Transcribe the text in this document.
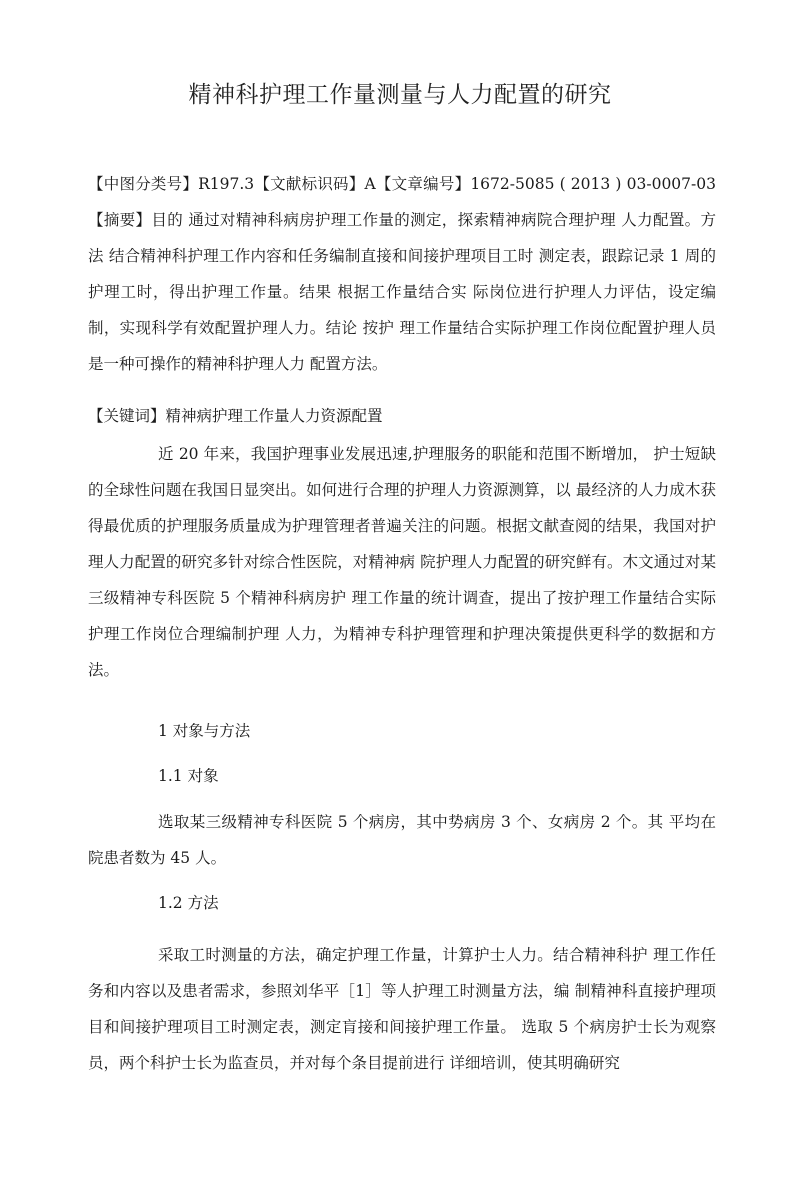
精神科护理工作量测量与人力配置的研究
【中图分类号】R197.3【文献标识码】A【文章编号】1672-5085 ( 2013 ) 03-0007-03 【摘要】目的 通过对精神科病房护理工作量的测定，探索精神病院合理护理 人力配置。方法 结合精神科护理工作内容和任务编制直接和间接护理项目工时 测定表，跟踪记录 1 周的护理工时，得出护理工作量。结果 根据工作量结合实 际岗位进行护理人力评估，设定编制，实现科学有效配置护理人力。结论 按护 理工作量结合实际护理工作岗位配置护理人员是一种可操作的精神科护理人力 配置方法。
【关键词】精神病护理工作量人力资源配置
近 20 年来，我国护理事业发展迅速,护理服务的职能和范围不断增加， 护士短缺的全球性问题在我国日显突出。如何进行合理的护理人力资源测算，以 最经济的人力成木获得最优质的护理服务质量成为护理管理者普遍关注的问题。根据文献查阅的结果，我国对护理人力配置的研究多针对综合性医院，对精神病 院护理人力配置的研究鲜有。木文通过对某三级精神专科医院 5 个精神科病房护 理工作量的统计调查，提出了按护理工作量结合实际护理工作岗位合理编制护理 人力，为精神专科护理管理和护理决策提供更科学的数据和方法。
1 对象与方法
1.1 对象
选取某三级精神专科医院 5 个病房，其中势病房 3 个、女病房 2 个。其 平均在院患者数为 45 人。
1.2 方法
采取工时测量的方法，确定护理工作量，计算护士人力。结合精神科护 理工作任务和内容以及患者需求，参照刘华平［1］等人护理工时测量方法，编 制精神科直接护理项目和间接护理项目工时测定表，测定肓接和间接护理工作量。 选取 5 个病房护士长为观察员，两个科护士长为监查员，并对每个条目提前进行 详细培训，使其明确研究
